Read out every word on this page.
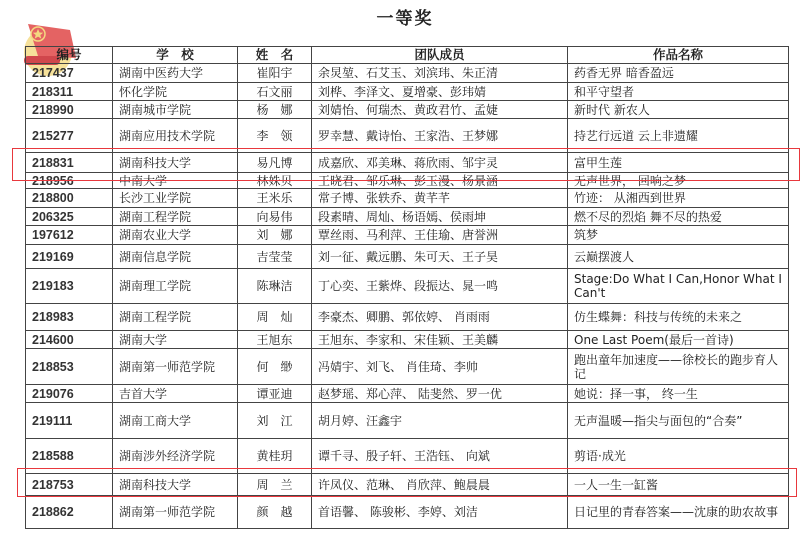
一等奖
编号	学　校	姓　名	团队成员	作品名称
217437	湖南中医药大学	崔阳宇	余炅堃、石艾玉、刘滨玮、朱正清	药香无界 暗香盈远
218311	怀化学院	石文丽	刘桦、李泽文、夏增豪、彭玮婧	和平守望者
218990	湖南城市学院	杨　娜	刘婧怡、何瑞杰、黄政君竹、孟婕	新时代 新农人
215277	湖南应用技术学院	李　领	罗幸慧、戴诗怡、王家浩、王梦娜	持艺行远道 云上非遗耀
218831	湖南科技大学	易凡博	成嘉欣、邓美琳、蒋欣雨、邹宇灵	富甲生莲
218956	中南大学	林姝贝	王晓君、邹乐琳、彭玉漫、杨景涵	无声世界， 回响之梦
218800	长沙工业学院	王米乐	常子博、张轶乔、黄芊芊	竹迹： 从湘西到世界
206325	湖南工程学院	向易伟	段素晴、周灿、杨语嫣、侯雨坤	燃不尽的烈焰 舞不尽的热爱
197612	湖南农业大学	刘　娜	覃丝雨、马利萍、王佳瑜、唐誉洲	筑梦
219169	湖南信息学院	吉莹莹	刘一征、戴远鹏、朱可天、王子昊	云巅摆渡人
219183	湖南理工学院	陈琳洁	丁心奕、王紫烨、段振达、晁一鸣	Stage:Do What I Can,Honor What I Can't
218983	湖南工程学院	周　灿	李豪杰、卿鹏、郭依婷、 肖雨雨	仿生蝶舞：科技与传统的未来之
214600	湖南大学	王旭东	王旭东、李家和、宋佳颖、王美麟	One Last Poem(最后一首诗)
218853	湖南第一师范学院	何　缈	冯婧宇、刘飞、 肖佳琦、李帅	跑出童年加速度——徐校长的跑步育人记
219076	吉首大学	谭亚迪	赵梦瑶、郑心萍、 陆斐然、罗一优	她说：择一事， 终一生
219111	湖南工商大学	刘　江	胡月婷、汪鑫宇	无声温暖—指尖与面包的“合奏”
218588	湖南涉外经济学院	黄桂玥	谭千寻、殷子轩、王浩钰、 向斌	剪语·成光
218753	湖南科技大学	周　兰	许凤仪、范琳、 肖欣萍、鲍晨晨	一人一生一缸酱
218862	湖南第一师范学院	颜　越	首语馨、 陈骏彬、李婷、刘洁	日记里的青春答案——沈康的助农故事
